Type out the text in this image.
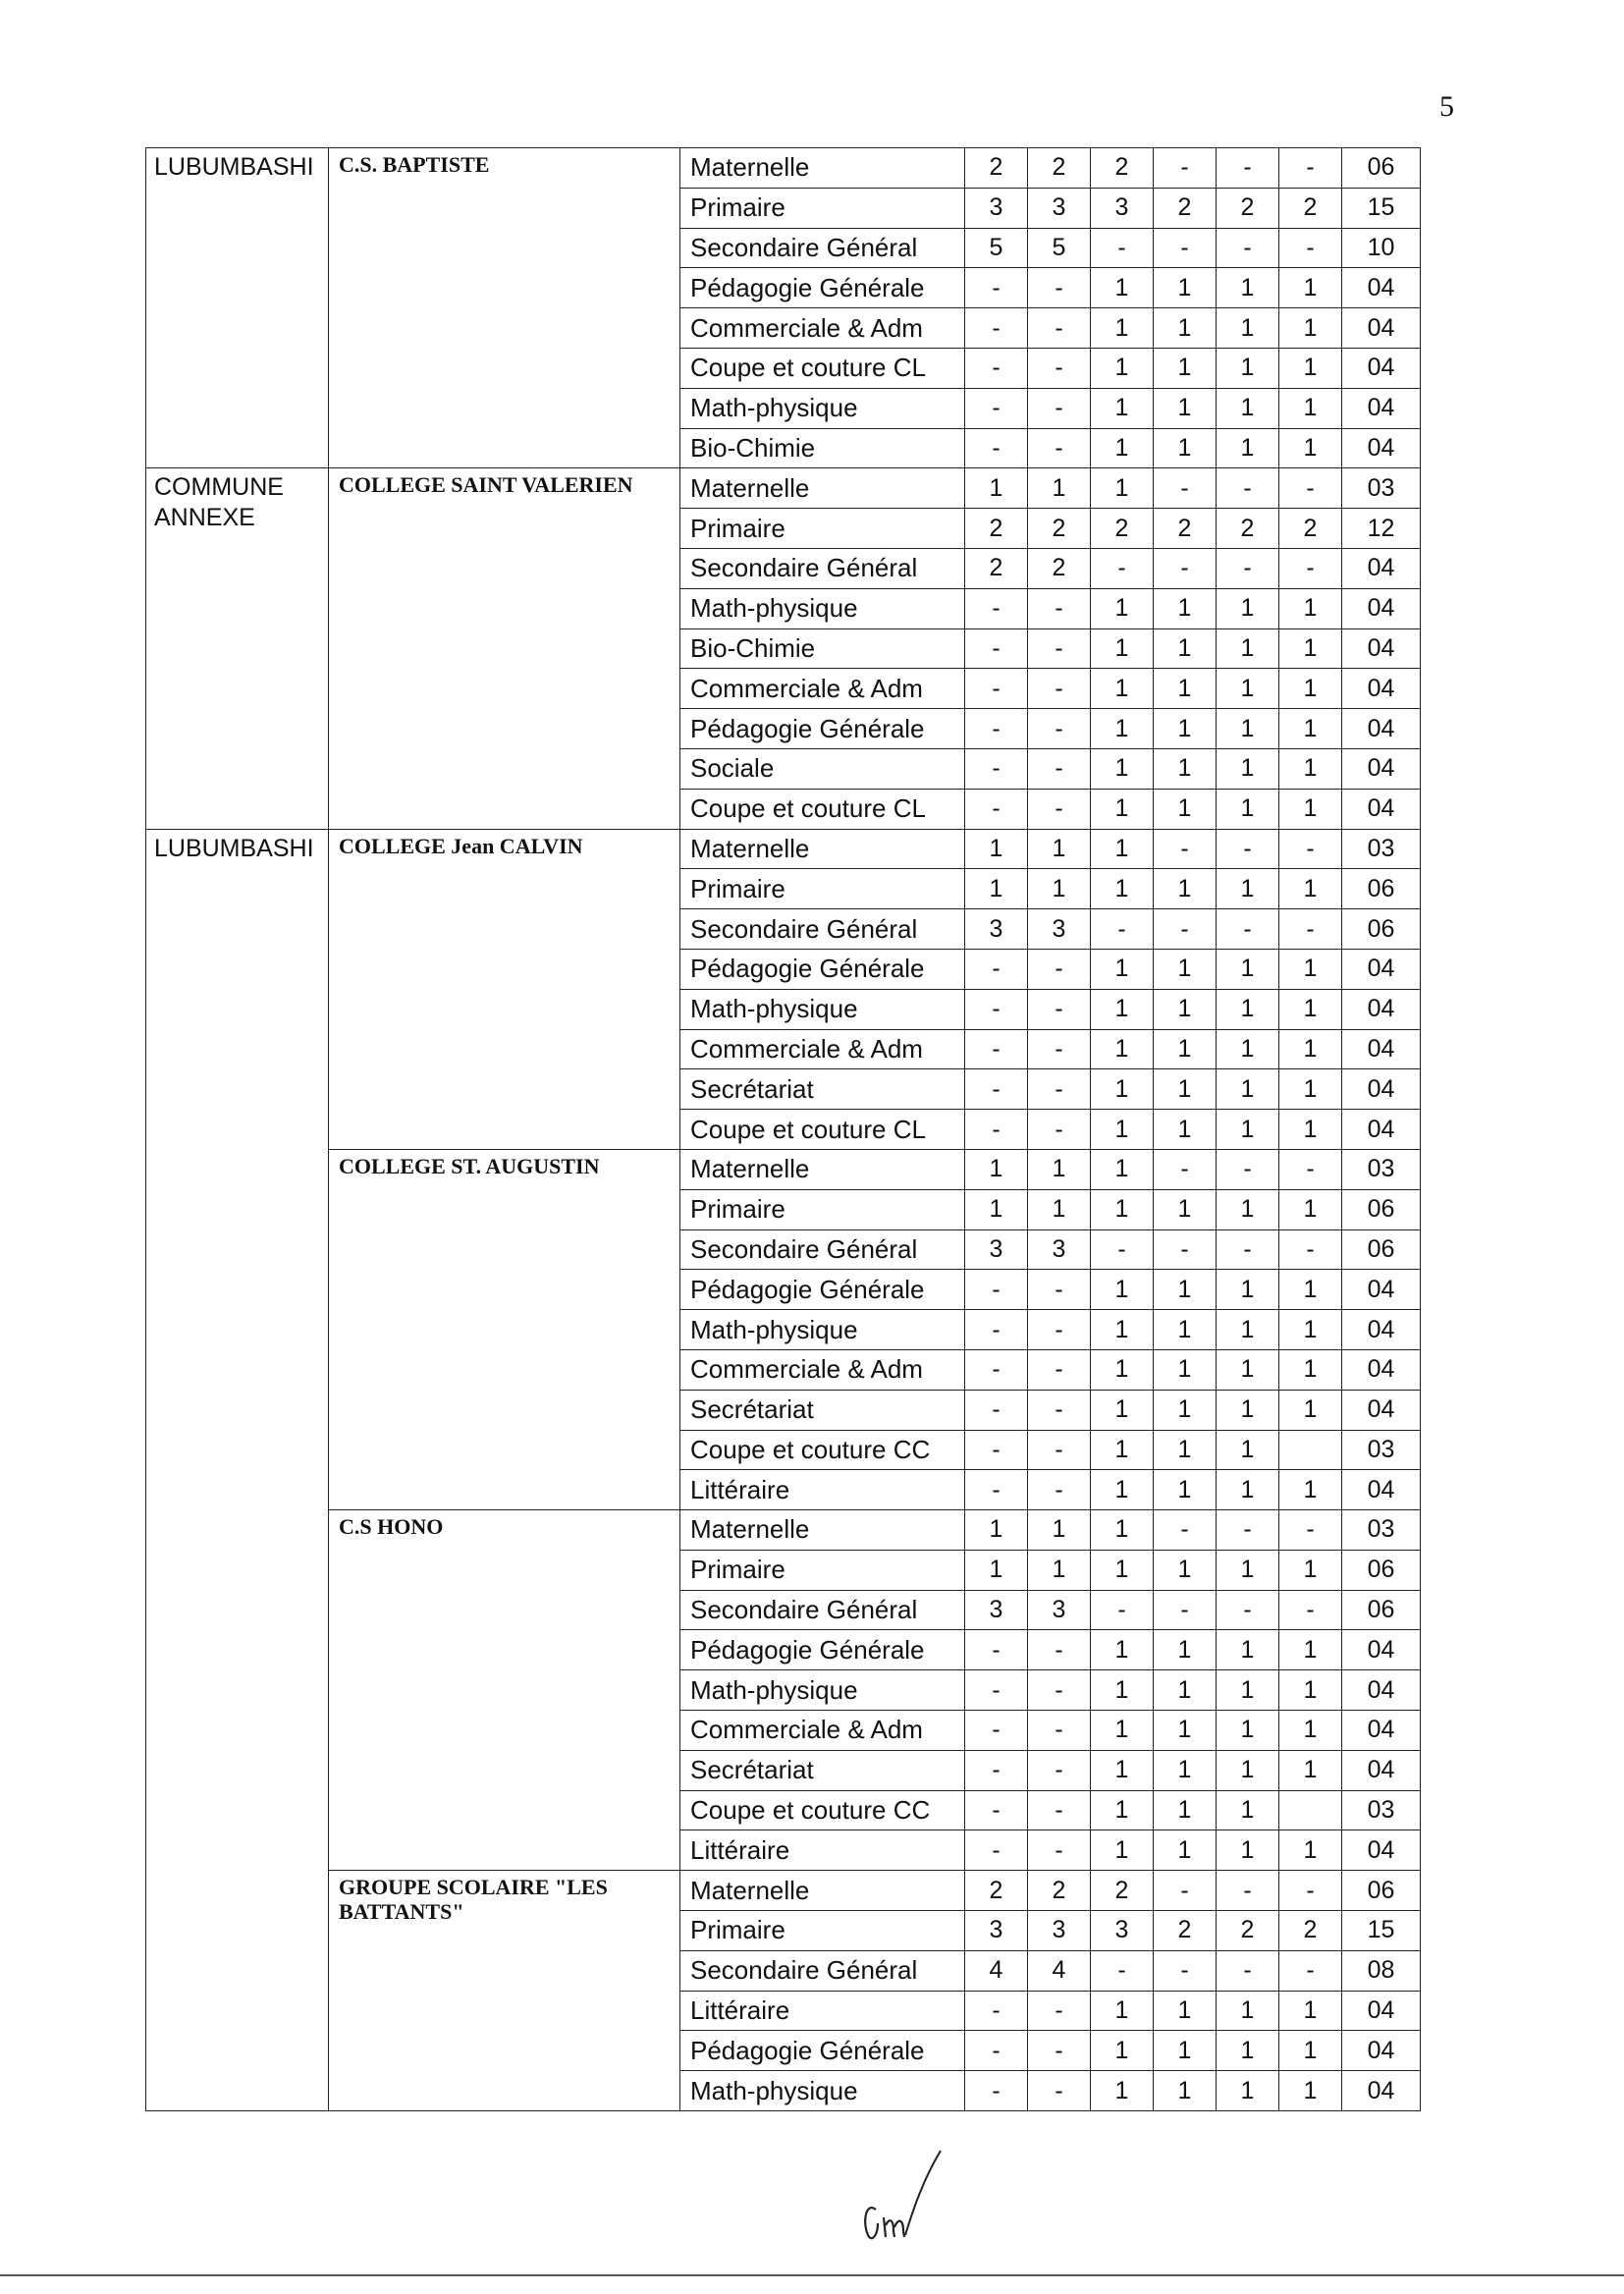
5
LUBUMBASHI	C.S. BAPTISTE	Maternelle	2	2	2	-	-	-	06
		Primaire	3	3	3	2	2	2	15
		Secondaire Général	5	5	-	-	-	-	10
		Pédagogie Générale	-	-	1	1	1	1	04
		Commerciale & Adm	-	-	1	1	1	1	04
		Coupe et couture CL	-	-	1	1	1	1	04
		Math-physique	-	-	1	1	1	1	04
		Bio-Chimie	-	-	1	1	1	1	04
COMMUNE ANNEXE	COLLEGE SAINT VALERIEN	Maternelle	1	1	1	-	-	-	03
		Primaire	2	2	2	2	2	2	12
		Secondaire Général	2	2	-	-	-	-	04
		Math-physique	-	-	1	1	1	1	04
		Bio-Chimie	-	-	1	1	1	1	04
		Commerciale & Adm	-	-	1	1	1	1	04
		Pédagogie Générale	-	-	1	1	1	1	04
		Sociale	-	-	1	1	1	1	04
		Coupe et couture CL	-	-	1	1	1	1	04
LUBUMBASHI	COLLEGE Jean CALVIN	Maternelle	1	1	1	-	-	-	03
		Primaire	1	1	1	1	1	1	06
		Secondaire Général	3	3	-	-	-	-	06
		Pédagogie Générale	-	-	1	1	1	1	04
		Math-physique	-	-	1	1	1	1	04
		Commerciale & Adm	-	-	1	1	1	1	04
		Secrétariat	-	-	1	1	1	1	04
		Coupe et couture CL	-	-	1	1	1	1	04
	COLLEGE ST. AUGUSTIN	Maternelle	1	1	1	-	-	-	03
		Primaire	1	1	1	1	1	1	06
		Secondaire Général	3	3	-	-	-	-	06
		Pédagogie Générale	-	-	1	1	1	1	04
		Math-physique	-	-	1	1	1	1	04
		Commerciale & Adm	-	-	1	1	1	1	04
		Secrétariat	-	-	1	1	1	1	04
		Coupe et couture CC	-	-	1	1	1		03
		Littéraire	-	-	1	1	1	1	04
	C.S HONO	Maternelle	1	1	1	-	-	-	03
		Primaire	1	1	1	1	1	1	06
		Secondaire Général	3	3	-	-	-	-	06
		Pédagogie Générale	-	-	1	1	1	1	04
		Math-physique	-	-	1	1	1	1	04
		Commerciale & Adm	-	-	1	1	1	1	04
		Secrétariat	-	-	1	1	1	1	04
		Coupe et couture CC	-	-	1	1	1		03
		Littéraire	-	-	1	1	1	1	04
	GROUPE SCOLAIRE "LES BATTANTS"	Maternelle	2	2	2	-	-	-	06
		Primaire	3	3	3	2	2	2	15
		Secondaire Général	4	4	-	-	-	-	08
		Littéraire	-	-	1	1	1	1	04
		Pédagogie Générale	-	-	1	1	1	1	04
		Math-physique	-	-	1	1	1	1	04
